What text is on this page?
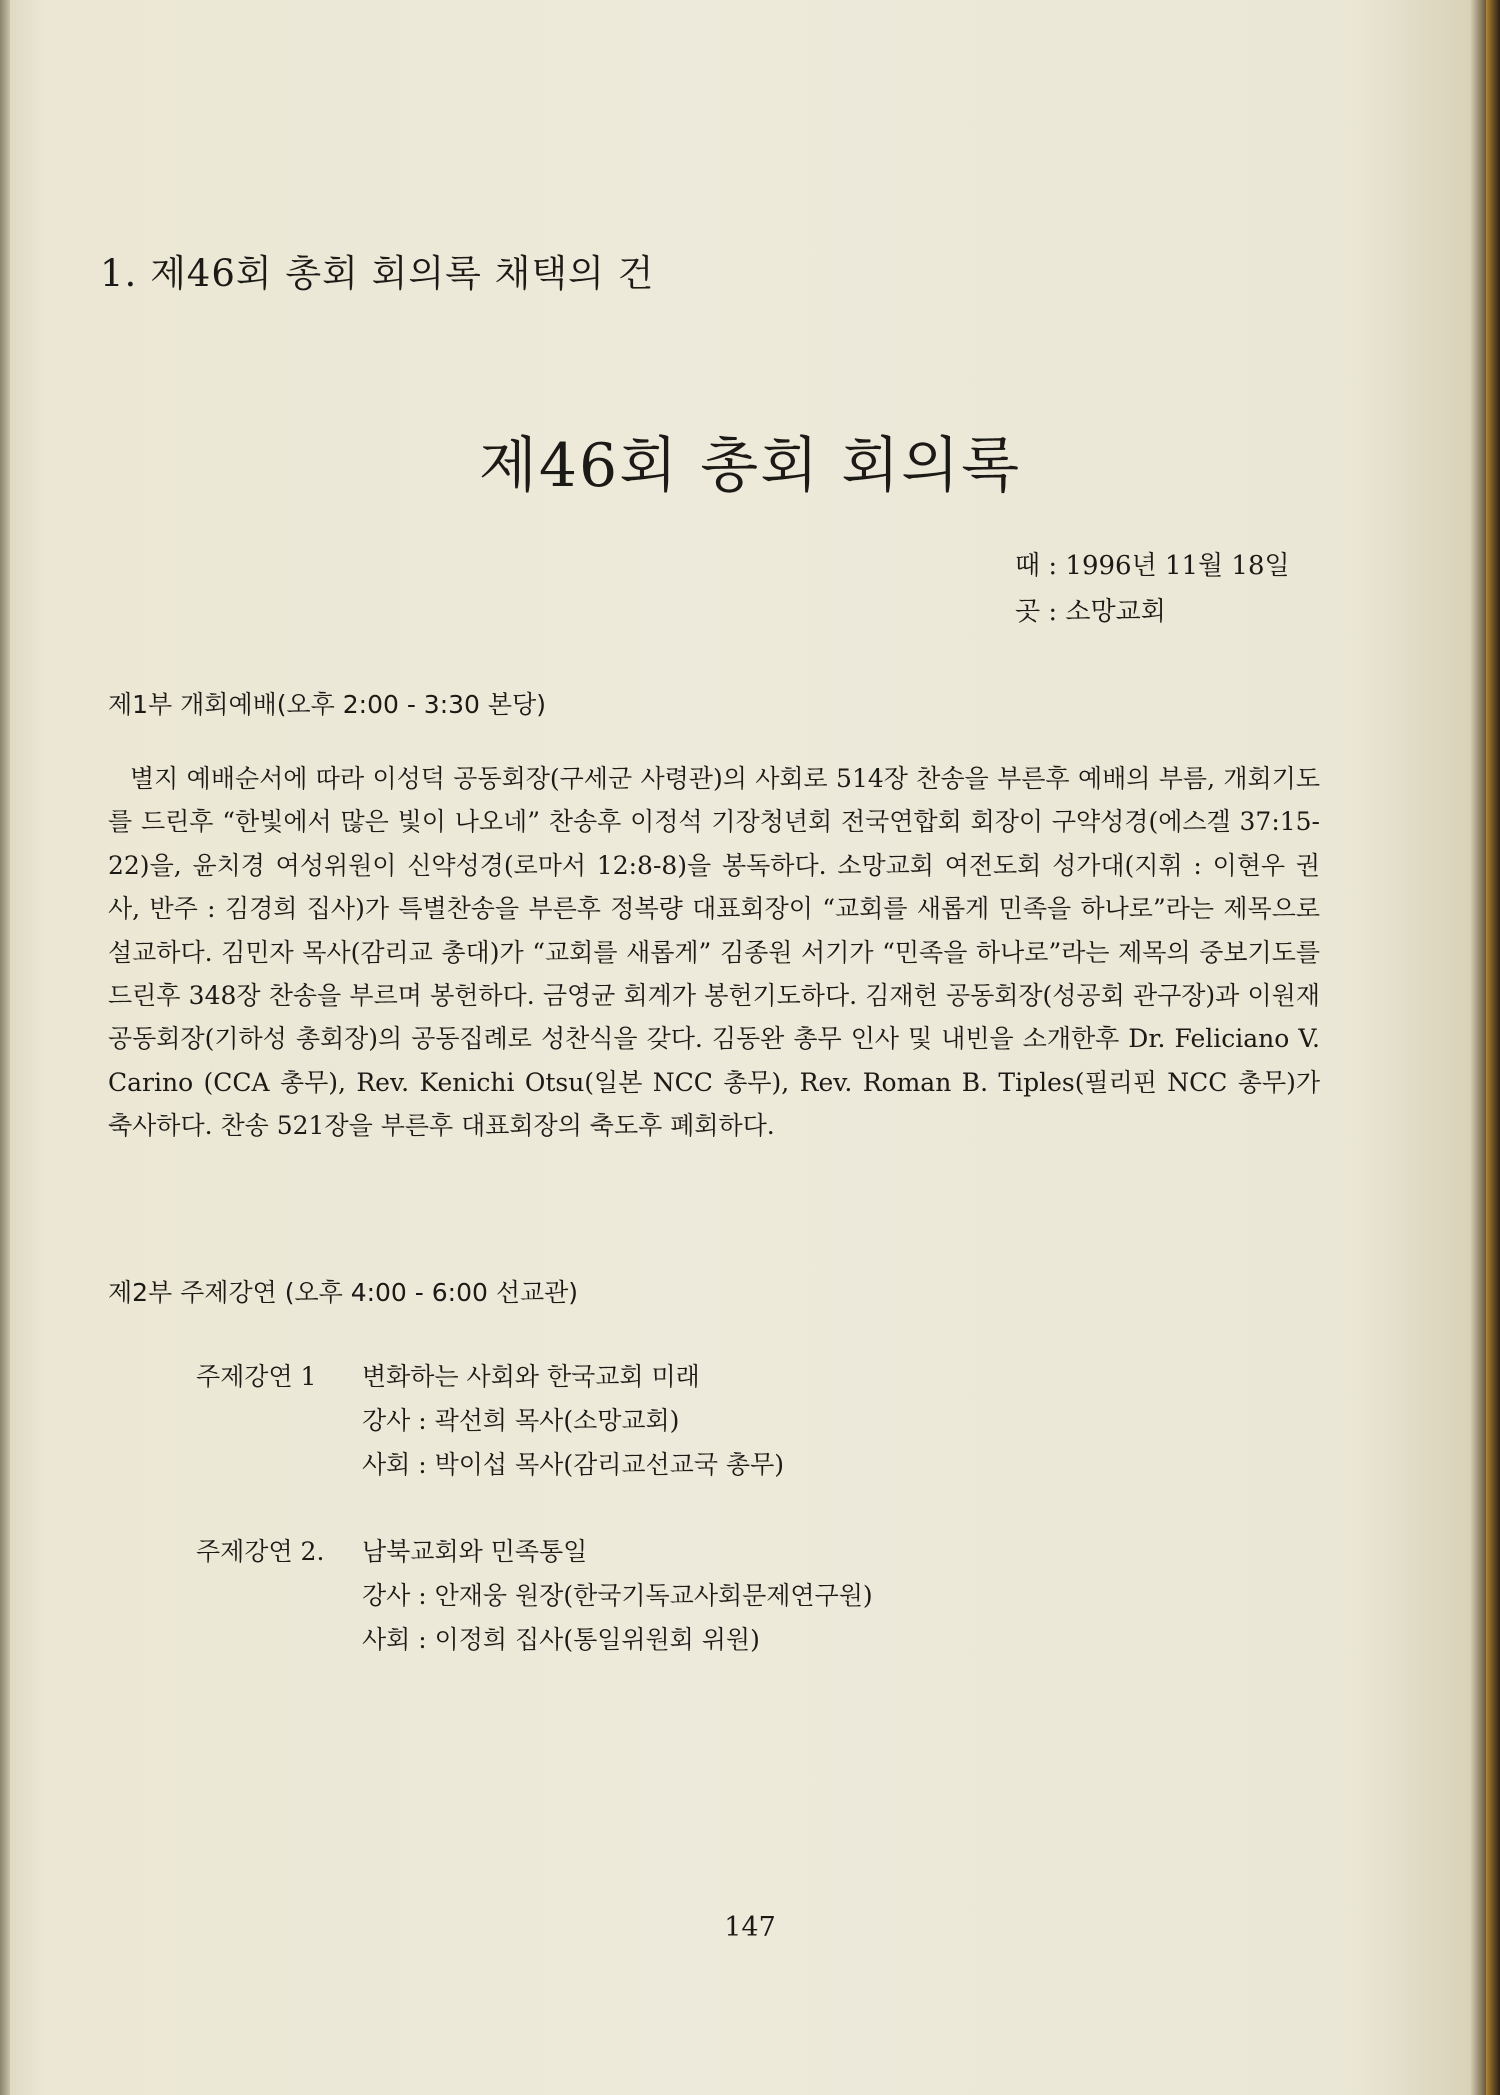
1. 제46회 총회 회의록 채택의 건
제46회 총회 회의록
때 : 1996년 11월 18일
곳 : 소망교회
제1부 개회예배(오후 2:00 - 3:30 본당)
별지 예배순서에 따라 이성덕 공동회장(구세군 사령관)의 사회로 514장 찬송을 부른후 예배의 부름, 개회기도를 드린후 “한빛에서 많은 빛이 나오네” 찬송후 이정석 기장청년회 전국연합회 회장이 구약성경(에스겔 37:15-22)을, 윤치경 여성위원이 신약성경(로마서 12:8-8)을 봉독하다. 소망교회 여전도회 성가대(지휘 : 이현우 권사, 반주 : 김경희 집사)가 특별찬송을 부른후 정복량 대표회장이 “교회를 새롭게 민족을 하나로”라는 제목으로 설교하다. 김민자 목사(감리교 총대)가 “교회를 새롭게” 김종원 서기가 “민족을 하나로”라는 제목의 중보기도를 드린후 348장 찬송을 부르며 봉헌하다. 금영균 회계가 봉헌기도하다. 김재헌 공동회장(성공회 관구장)과 이원재 공동회장(기하성 총회장)의 공동집례로 성찬식을 갖다. 김동완 총무 인사 및 내빈을 소개한후 Dr. Feliciano V. Carino (CCA 총무), Rev. Kenichi Otsu(일본 NCC 총무), Rev. Roman B. Tiples(필리핀 NCC 총무)가 축사하다. 찬송 521장을 부른후 대표회장의 축도후 폐회하다.
제2부 주제강연 (오후 4:00 - 6:00 선교관)
주제강연 1 변화하는 사회와 한국교회 미래
강사 : 곽선희 목사(소망교회)
사회 : 박이섭 목사(감리교선교국 총무)
주제강연 2. 남북교회와 민족통일
강사 : 안재웅 원장(한국기독교사회문제연구원)
사회 : 이정희 집사(통일위원회 위원)
147
